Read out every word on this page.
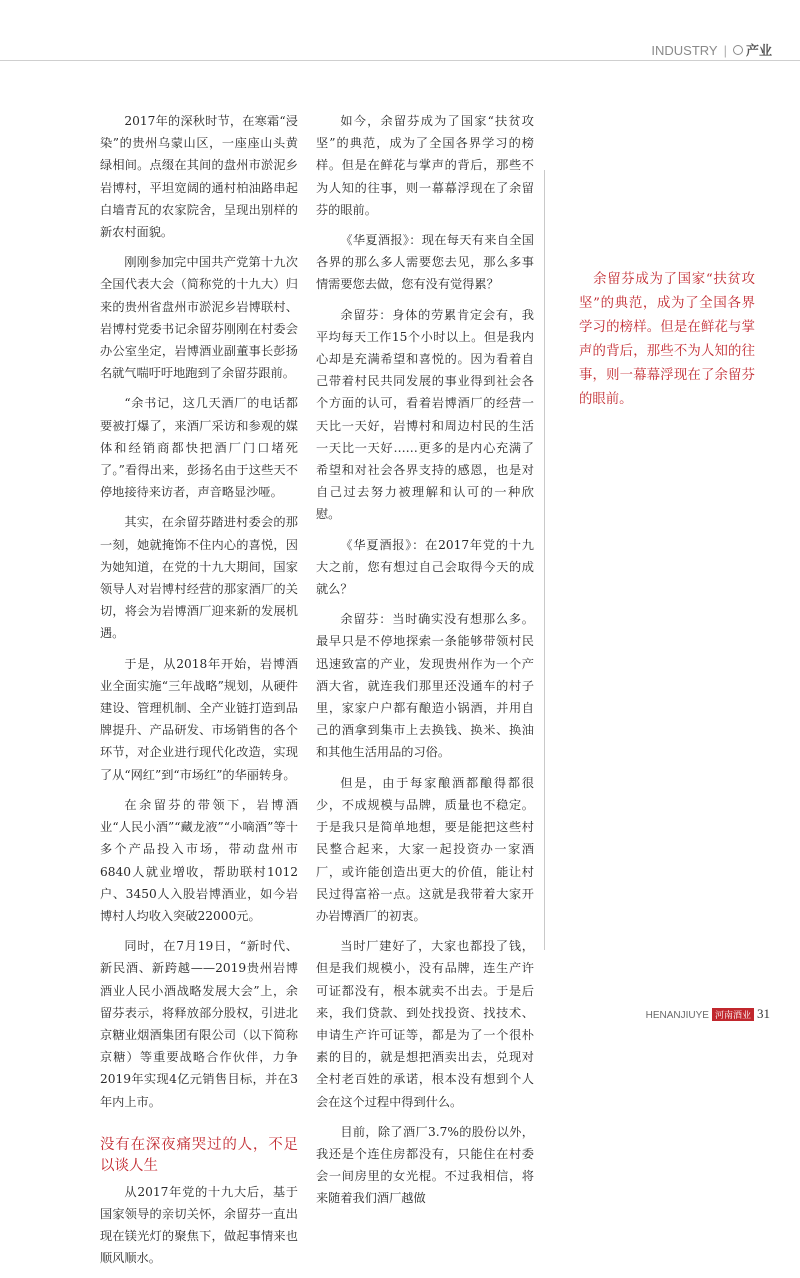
INDUSTRY | 产业

2017年的深秋时节，在寒霜“浸染”的贵州乌蒙山区，一座座山头黄绿相间。点缀在其间的盘州市淤泥乡岩博村，平坦宽阔的通村柏油路串起白墙青瓦的农家院舍，呈现出别样的新农村面貌。

刚刚参加完中国共产党第十九次全国代表大会（简称党的十九大）归来的贵州省盘州市淤泥乡岩博联村、岩博村党委书记余留芬刚刚在村委会办公室坐定，岩博酒业副董事长彭扬名就气喘吁吁地跑到了余留芬跟前。

“余书记，这几天酒厂的电话都要被打爆了，来酒厂采访和参观的媒体和经销商都快把酒厂门口堵死了。”看得出来，彭扬名由于这些天不停地接待来访者，声音略显沙哑。

其实，在余留芬踏进村委会的那一刻，她就掩饰不住内心的喜悦，因为她知道，在党的十九大期间，国家领导人对岩博村经营的那家酒厂的关切，将会为岩博酒厂迎来新的发展机遇。

于是，从2018年开始，岩博酒业全面实施“三年战略”规划，从硬件建设、管理机制、全产业链打造到品牌提升、产品研发、市场销售的各个环节，对企业进行现代化改造，实现了从“网红”到“市场红”的华丽转身。

在余留芬的带领下，岩博酒业“人民小酒”“藏龙液”“小嘀酒”等十多个产品投入市场，带动盘州市6840人就业增收，帮助联村1012户、3450人入股岩博酒业，如今岩博村人均收入突破22000元。

同时，在7月19日，“新时代、新民酒、新跨越——2019贵州岩博酒业人民小酒战略发展大会”上，余留芬表示，将释放部分股权，引进北京糖业烟酒集团有限公司（以下简称京糖）等重要战略合作伙伴，力争2019年实现4亿元销售目标，并在3年内上市。

没有在深夜痛哭过的人，不足以谈人生

从2017年党的十九大后，基于国家领导的亲切关怀，余留芬一直出现在镁光灯的聚焦下，做起事情来也顺风顺水。

如今，余留芬成为了国家“扶贫攻坚”的典范，成为了全国各界学习的榜样。但是在鲜花与掌声的背后，那些不为人知的往事，则一幕幕浮现在了余留芬的眼前。

《华夏酒报》：现在每天有来自全国各界的那么多人需要您去见，那么多事情需要您去做，您有没有觉得累？

余留芬：身体的劳累肯定会有，我平均每天工作15个小时以上。但是我内心却是充满希望和喜悦的。因为看着自己带着村民共同发展的事业得到社会各个方面的认可，看着岩博酒厂的经营一天比一天好，岩博村和周边村民的生活一天比一天好……更多的是内心充满了希望和对社会各界支持的感恩，也是对自己过去努力被理解和认可的一种欣慰。

《华夏酒报》：在2017年党的十九大之前，您有想过自己会取得今天的成就么？

余留芬：当时确实没有想那么多。最早只是不停地探索一条能够带领村民迅速致富的产业，发现贵州作为一个产酒大省，就连我们那里还没通车的村子里，家家户户都有酿造小锅酒，并用自己的酒拿到集市上去换钱、换米、换油和其他生活用品的习俗。

但是，由于每家酿酒都酿得都很少，不成规模与品牌，质量也不稳定。于是我只是简单地想，要是能把这些村民整合起来，大家一起投资办一家酒厂，或许能创造出更大的价值，能让村民过得富裕一点。这就是我带着大家开办岩博酒厂的初衷。

当时厂建好了，大家也都投了钱，但是我们规模小，没有品牌，连生产许可证都没有，根本就卖不出去。于是后来，我们贷款、到处找投资、找技术、申请生产许可证等，都是为了一个很朴素的目的，就是想把酒卖出去，兑现对全村老百姓的承诺，根本没有想到个人会在这个过程中得到什么。

目前，除了酒厂3.7%的股份以外，我还是个连住房都没有，只能住在村委会一间房里的女光棍。不过我相信，将来随着我们酒厂越做

余留芬成为了国家“扶贫攻坚”的典范，成为了全国各界学习的榜样。但是在鲜花与掌声的背后，那些不为人知的往事，则一幕幕浮现在了余留芬的眼前。
HENANJIUYE 河南酒业 31
